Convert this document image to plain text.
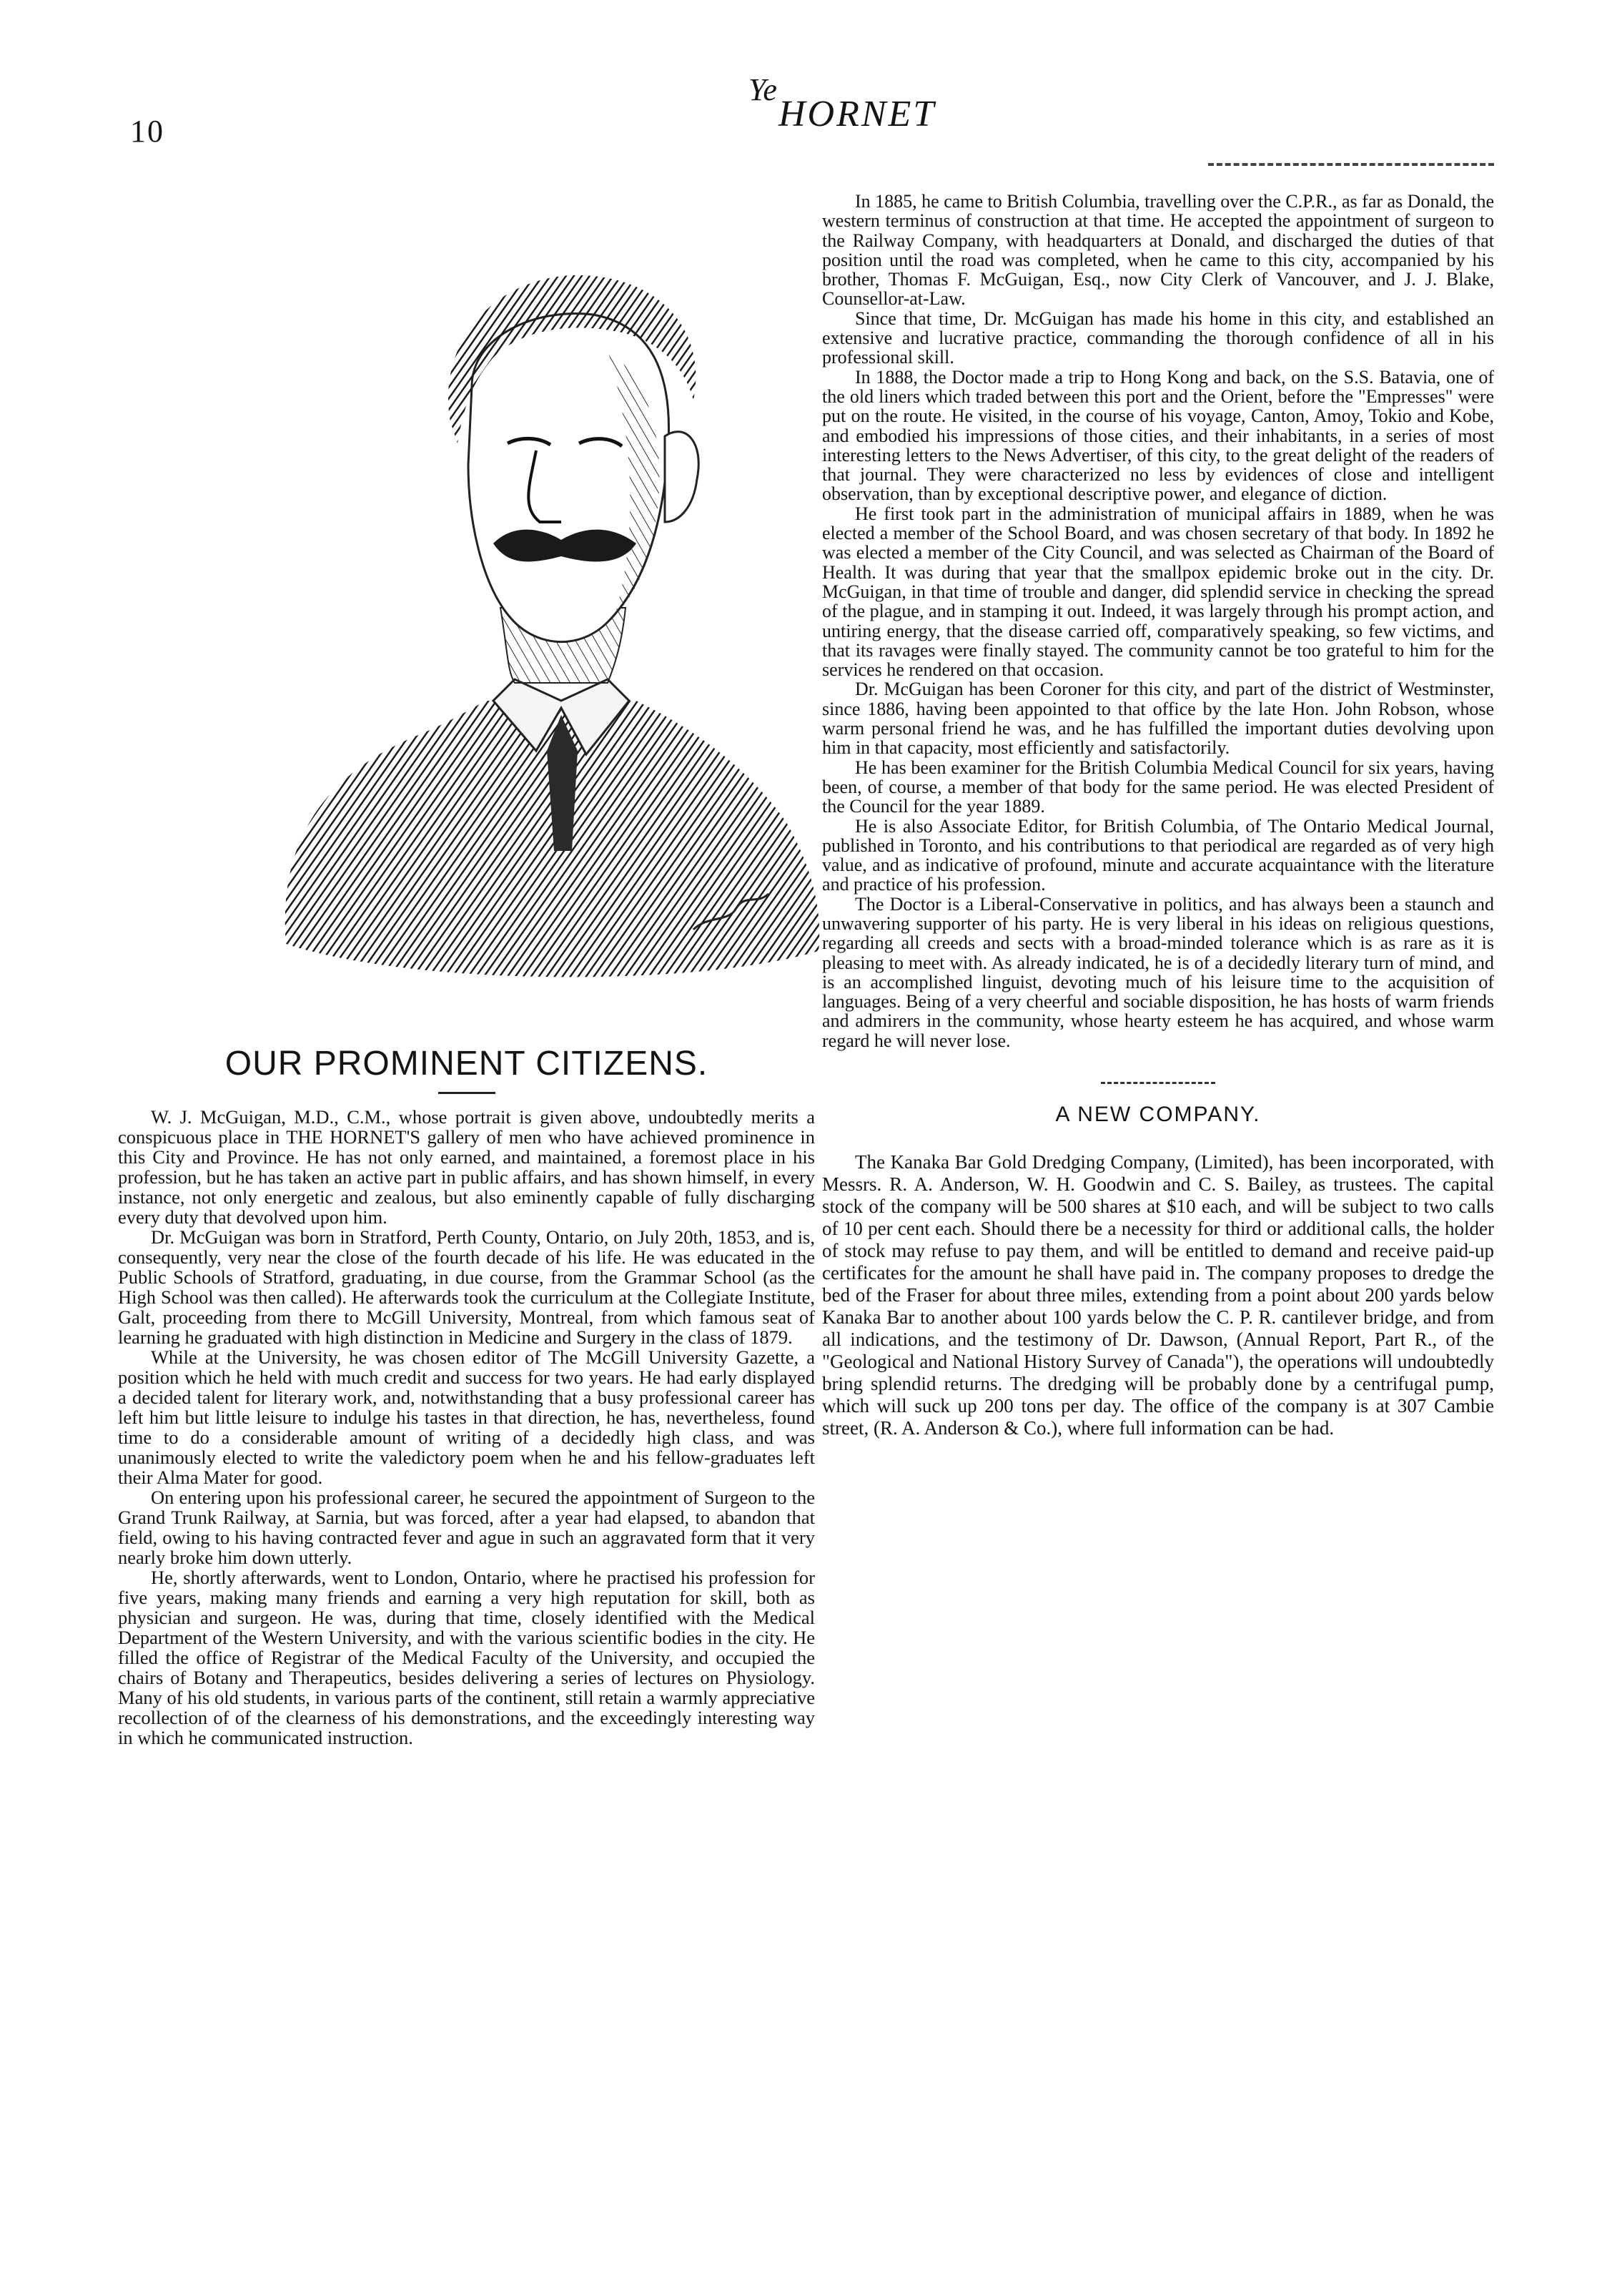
10
Ye
HORNET
OUR PROMINENT CITIZENS.

W. J. McGuigan, M.D., C.M., whose portrait is given above, undoubtedly merits a conspicuous place in THE HORNET'S gallery of men who have achieved prominence in this City and Province. He has not only earned, and maintained, a foremost place in his profession, but he has taken an active part in public affairs, and has shown himself, in every instance, not only energetic and zealous, but also eminently capable of fully discharging every duty that devolved upon him.

Dr. McGuigan was born in Stratford, Perth County, Ontario, on July 20th, 1853, and is, consequently, very near the close of the fourth decade of his life. He was educated in the Public Schools of Stratford, graduating, in due course, from the Grammar School (as the High School was then called). He afterwards took the curriculum at the Collegiate Institute, Galt, proceeding from there to McGill University, Montreal, from which famous seat of learning he graduated with high distinction in Medicine and Surgery in the class of 1879.

While at the University, he was chosen editor of The McGill University Gazette, a position which he held with much credit and success for two years. He had early displayed a decided talent for literary work, and, notwithstanding that a busy professional career has left him but little leisure to indulge his tastes in that direction, he has, nevertheless, found time to do a considerable amount of writing of a decidedly high class, and was unanimously elected to write the valedictory poem when he and his fellow-graduates left their Alma Mater for good.

On entering upon his professional career, he secured the appointment of Surgeon to the Grand Trunk Railway, at Sarnia, but was forced, after a year had elapsed, to abandon that field, owing to his having contracted fever and ague in such an aggravated form that it very nearly broke him down utterly.

He, shortly afterwards, went to London, Ontario, where he practised his profession for five years, making many friends and earning a very high reputation for skill, both as physician and surgeon. He was, during that time, closely identified with the Medical Department of the Western University, and with the various scientific bodies in the city. He filled the office of Registrar of the Medical Faculty of the University, and occupied the chairs of Botany and Therapeutics, besides delivering a series of lectures on Physiology. Many of his old students, in various parts of the continent, still retain a warmly appreciative recollection of of the clearness of his demonstrations, and the exceedingly interesting way in which he communicated instruction.

In 1885, he came to British Columbia, travelling over the C.P.R., as far as Donald, the western terminus of construction at that time. He accepted the appointment of surgeon to the Railway Company, with headquarters at Donald, and discharged the duties of that position until the road was completed, when he came to this city, accompanied by his brother, Thomas F. McGuigan, Esq., now City Clerk of Vancouver, and J. J. Blake, Counsellor-at-Law.

Since that time, Dr. McGuigan has made his home in this city, and established an extensive and lucrative practice, commanding the thorough confidence of all in his professional skill.

In 1888, the Doctor made a trip to Hong Kong and back, on the S.S. Batavia, one of the old liners which traded between this port and the Orient, before the "Empresses" were put on the route. He visited, in the course of his voyage, Canton, Amoy, Tokio and Kobe, and embodied his impressions of those cities, and their inhabitants, in a series of most interesting letters to the News Advertiser, of this city, to the great delight of the readers of that journal. They were characterized no less by evidences of close and intelligent observation, than by exceptional descriptive power, and elegance of diction.

He first took part in the administration of municipal affairs in 1889, when he was elected a member of the School Board, and was chosen secretary of that body. In 1892 he was elected a member of the City Council, and was selected as Chairman of the Board of Health. It was during that year that the smallpox epidemic broke out in the city. Dr. McGuigan, in that time of trouble and danger, did splendid service in checking the spread of the plague, and in stamping it out. Indeed, it was largely through his prompt action, and untiring energy, that the disease carried off, comparatively speaking, so few victims, and that its ravages were finally stayed. The community cannot be too grateful to him for the services he rendered on that occasion.

Dr. McGuigan has been Coroner for this city, and part of the district of Westminster, since 1886, having been appointed to that office by the late Hon. John Robson, whose warm personal friend he was, and he has fulfilled the important duties devolving upon him in that capacity, most efficiently and satisfactorily.

He has been examiner for the British Columbia Medical Council for six years, having been, of course, a member of that body for the same period. He was elected President of the Council for the year 1889.

He is also Associate Editor, for British Columbia, of The Ontario Medical Journal, published in Toronto, and his contributions to that periodical are regarded as of very high value, and as indicative of profound, minute and accurate acquaintance with the literature and practice of his profession.

The Doctor is a Liberal-Conservative in politics, and has always been a staunch and unwavering supporter of his party. He is very liberal in his ideas on religious questions, regarding all creeds and sects with a broad-minded tolerance which is as rare as it is pleasing to meet with. As already indicated, he is of a decidedly literary turn of mind, and is an accomplished linguist, devoting much of his leisure time to the acquisition of languages. Being of a very cheerful and sociable disposition, he has hosts of warm friends and admirers in the community, whose hearty esteem he has acquired, and whose warm regard he will never lose.

A NEW COMPANY.

The Kanaka Bar Gold Dredging Company, (Limited), has been incorporated, with Messrs. R. A. Anderson, W. H. Goodwin and C. S. Bailey, as trustees. The capital stock of the company will be 500 shares at $10 each, and will be subject to two calls of 10 per cent each. Should there be a necessity for third or additional calls, the holder of stock may refuse to pay them, and will be entitled to demand and receive paid-up certificates for the amount he shall have paid in. The company proposes to dredge the bed of the Fraser for about three miles, extending from a point about 200 yards below Kanaka Bar to another about 100 yards below the C. P. R. cantilever bridge, and from all indications, and the testimony of Dr. Dawson, (Annual Report, Part R., of the "Geological and National History Survey of Canada"), the operations will undoubtedly bring splendid returns. The dredging will be probably done by a centrifugal pump, which will suck up 200 tons per day. The office of the company is at 307 Cambie street, (R. A. Anderson & Co.), where full information can be had.
